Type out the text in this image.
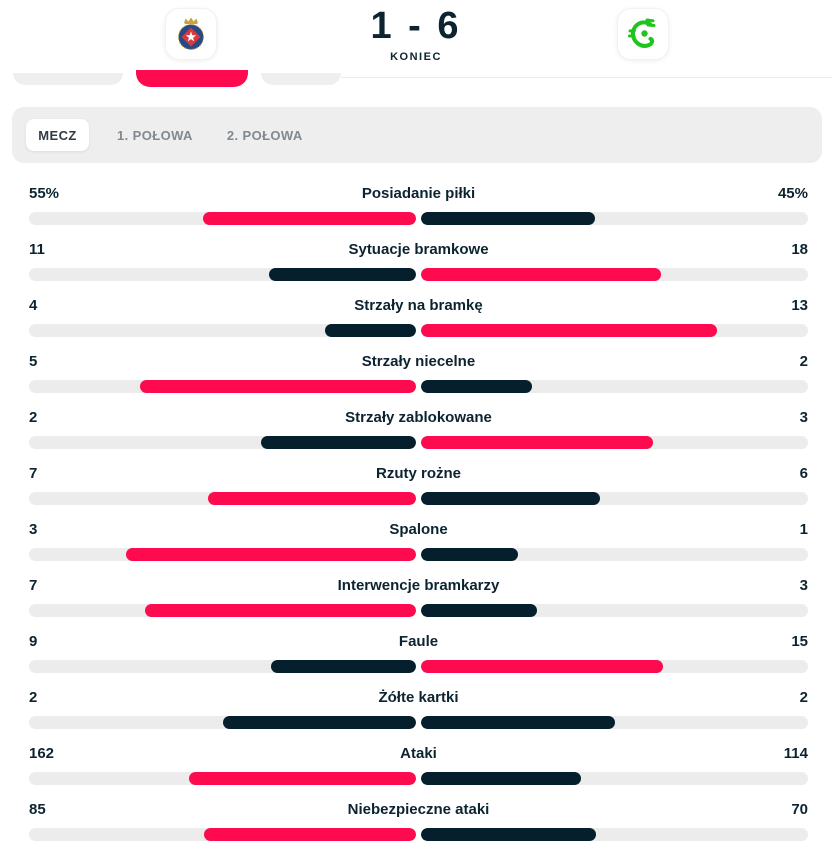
1 - 6
KONIEC
MECZ	1. POŁOWA	2. POŁOWA
55%	Posiadanie piłki	45%
11	Sytuacje bramkowe	18
4	Strzały na bramkę	13
5	Strzały niecelne	2
2	Strzały zablokowane	3
7	Rzuty rożne	6
3	Spalone	1
7	Interwencje bramkarzy	3
9	Faule	15
2	Żółte kartki	2
162	Ataki	114
85	Niebezpieczne ataki	70
